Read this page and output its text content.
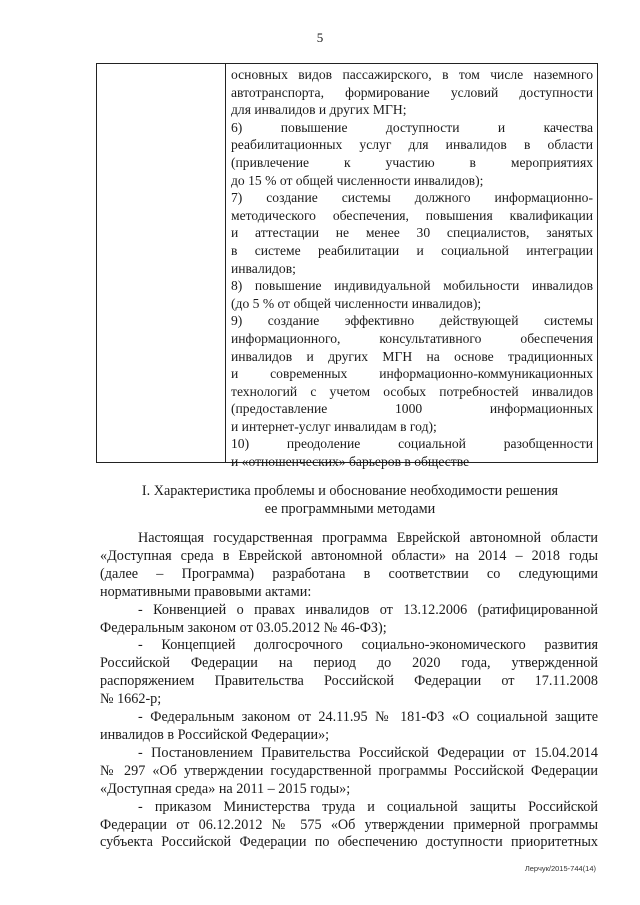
5
основных видов пассажирского, в том числе наземного
автотранспорта, формирование условий доступности
для инвалидов и других МГН;
6) повышение доступности и качества
реабилитационных услуг для инвалидов в области
(привлечение к участию в мероприятиях
до 15 % от общей численности инвалидов);
7) создание системы должного информационно-
методического обеспечения, повышения квалификации
и аттестации не менее 30 специалистов, занятых
в системе реабилитации и социальной интеграции
инвалидов;
8) повышение индивидуальной мобильности инвалидов
(до 5 % от общей численности инвалидов);
9) создание эффективно действующей системы
информационного, консультативного обеспечения
инвалидов и других МГН на основе традиционных
и современных информационно-коммуникационных
технологий с учетом особых потребностей инвалидов
(предоставление 1000 информационных
и интернет-услуг инвалидам в год);
10) преодоление социальной разобщенности
и «отношенческих» барьеров в обществе
I. Характеристика проблемы и обоснование необходимости решения
ее программными методами
Настоящая государственная программа Еврейской автономной области
«Доступная среда в Еврейской автономной области» на 2014 – 2018 годы
(далее – Программа) разработана в соответствии со следующими
нормативными правовыми актами:
- Конвенцией о правах инвалидов от 13.12.2006 (ратифицированной
Федеральным законом от 03.05.2012 № 46-ФЗ);
- Концепцией долгосрочного социально-экономического развития
Российской Федерации на период до 2020 года, утвержденной
распоряжением Правительства Российской Федерации от 17.11.2008
№ 1662-р;
- Федеральным законом от 24.11.95 № 181-ФЗ «О социальной защите
инвалидов в Российской Федерации»;
- Постановлением Правительства Российской Федерации от 15.04.2014
№ 297 «Об утверждении государственной программы Российской Федерации
«Доступная среда» на 2011 – 2015 годы»;
- приказом Министерства труда и социальной защиты Российской
Федерации от 06.12.2012 № 575 «Об утверждении примерной программы
субъекта Российской Федерации по обеспечению доступности приоритетных
Лерчук/2015-744(14)
